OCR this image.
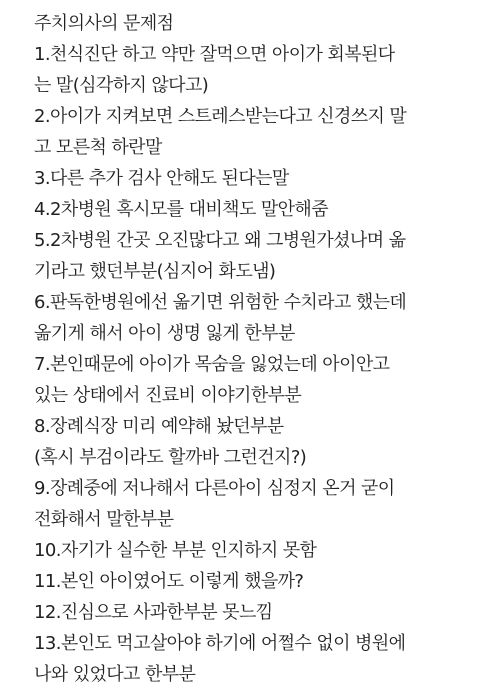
주치의사의 문제점
1.천식진단 하고 약만 잘먹으면 아이가 회복된다
는 말(심각하지 않다고)
2.아이가 지켜보면 스트레스받는다고 신경쓰지 말
고 모른척 하란말
3.다른 추가 검사 안해도 된다는말
4.2차병원 혹시모를 대비책도 말안해줌
5.2차병원 간곳 오진많다고 왜 그병원가셨나며 옮
기라고 했던부분(심지어 화도냄)
6.판독한병원에선 옮기면 위험한 수치라고 했는데
옮기게 해서 아이 생명 잃게 한부분
7.본인때문에 아이가 목숨을 잃었는데 아이안고
있는 상태에서 진료비 이야기한부분
8.장례식장 미리 예약해 놨던부분
(혹시 부검이라도 할까바 그런건지?)
9.장례중에 저나해서 다른아이 심정지 온거 굳이
전화해서 말한부분
10.자기가 실수한 부분 인지하지 못함
11.본인 아이였어도 이렇게 했을까?
12.진심으로 사과한부분 못느낌
13.본인도 먹고살아야 하기에 어쩔수 없이 병원에
나와 있었다고 한부분
